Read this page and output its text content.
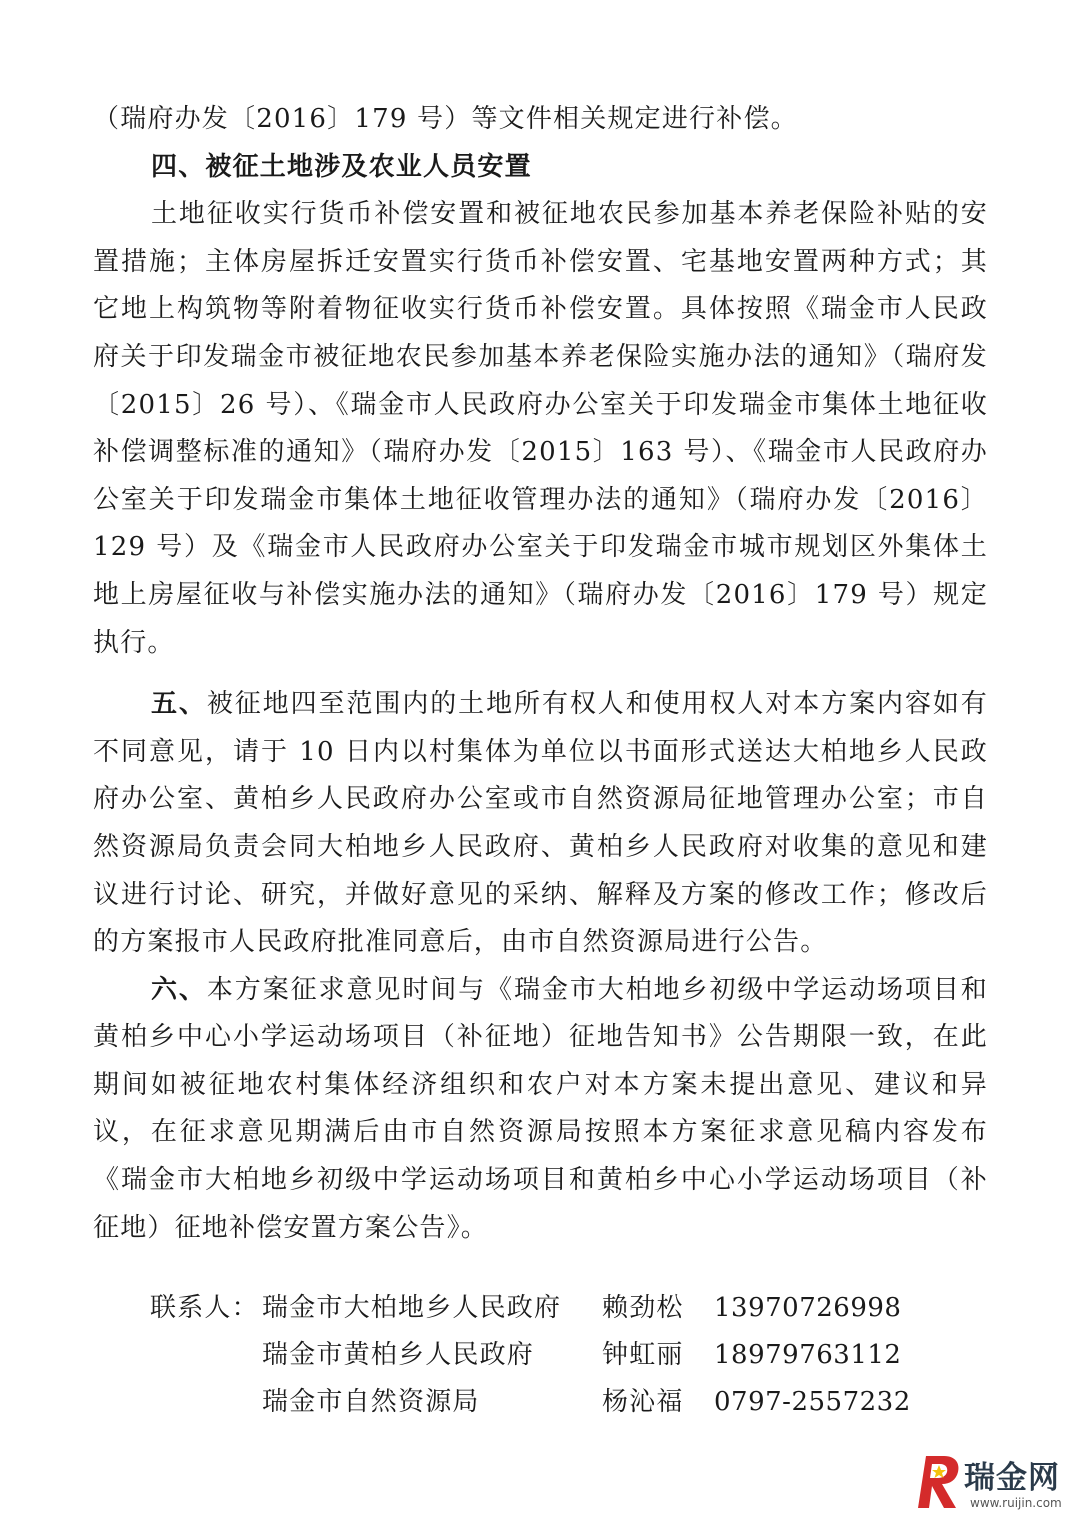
（瑞府办发〔2016〕179 号）等文件相关规定进行补偿。

四、被征土地涉及农业人员安置

土地征收实行货币补偿安置和被征地农民参加基本养老保险补贴的安置措施；主体房屋拆迁安置实行货币补偿安置、宅基地安置两种方式；其它地上构筑物等附着物征收实行货币补偿安置。具体按照《瑞金市人民政府关于印发瑞金市被征地农民参加基本养老保险实施办法的通知》（瑞府发〔2015〕26 号）、《瑞金市人民政府办公室关于印发瑞金市集体土地征收补偿调整标准的通知》（瑞府办发〔2015〕163 号）、《瑞金市人民政府办公室关于印发瑞金市集体土地征收管理办法的通知》（瑞府办发〔2016〕129 号）及《瑞金市人民政府办公室关于印发瑞金市城市规划区外集体土地上房屋征收与补偿实施办法的通知》（瑞府办发〔2016〕179 号）规定执行。

五、被征地四至范围内的土地所有权人和使用权人对本方案内容如有不同意见，请于 10 日内以村集体为单位以书面形式送达大柏地乡人民政府办公室、黄柏乡人民政府办公室或市自然资源局征地管理办公室；市自然资源局负责会同大柏地乡人民政府、黄柏乡人民政府对收集的意见和建议进行讨论、研究，并做好意见的采纳、解释及方案的修改工作；修改后的方案报市人民政府批准同意后，由市自然资源局进行公告。

六、本方案征求意见时间与《瑞金市大柏地乡初级中学运动场项目和黄柏乡中心小学运动场项目（补征地）征地告知书》公告期限一致，在此期间如被征地农村集体经济组织和农户对本方案未提出意见、建议和异议，在征求意见期满后由市自然资源局按照本方案征求意见稿内容发布《瑞金市大柏地乡初级中学运动场项目和黄柏乡中心小学运动场项目（补征地）征地补偿安置方案公告》。

联系人： 瑞金市大柏地乡人民政府	赖劲松	13970726998
瑞金市黄柏乡人民政府	钟虹丽	18979763112
瑞金市自然资源局	杨沁福	0797-2557232
瑞金网
www.ruijin.com
